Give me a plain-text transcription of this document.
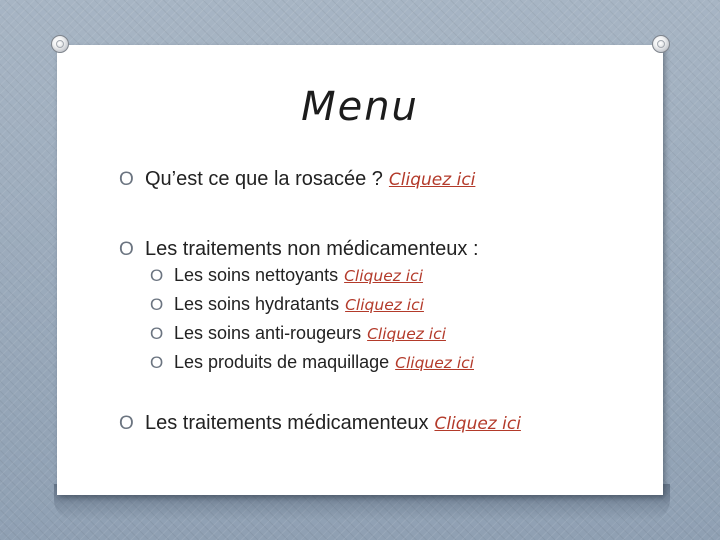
Menu
O Qu’est ce que la rosacée ? Cliquez ici
O Les traitements non médicamenteux :
O Les soins nettoyants Cliquez ici
O Les soins hydratants Cliquez ici
O Les soins anti-rougeurs Cliquez ici
O Les produits de maquillage Cliquez ici
O Les traitements médicamenteux Cliquez ici
